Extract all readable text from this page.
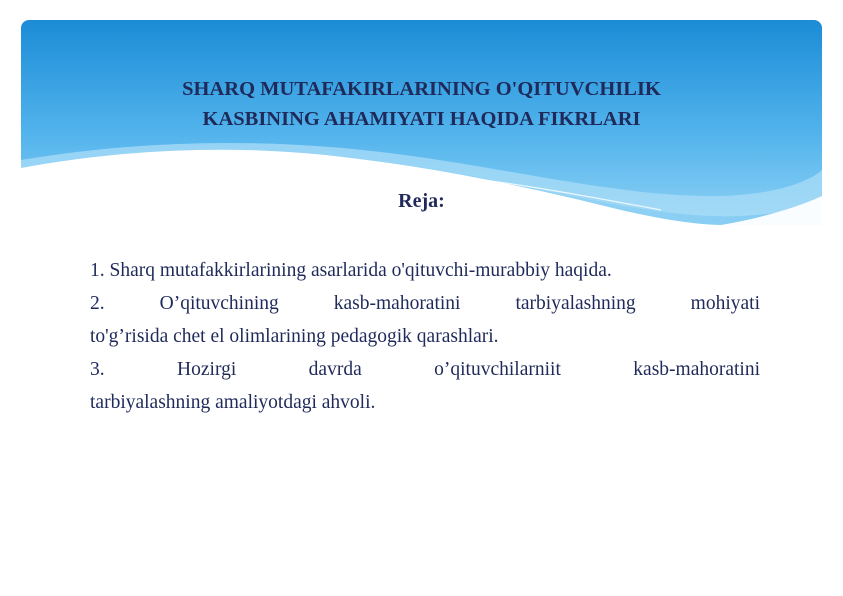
SHARQ MUTAFAKIRLARINING O'QITUVCHILIK
KASBINING AHAMIYATI HAQIDA FIKRLARI
Reja:

1. Sharq mutafakkirlarining asarlarida o'qituvchi-murabbiy haqida.

2. O’qituvchining kasb-mahoratini tarbiyalashning mohiyati
to'g’risida chet el olimlarining pedagogik qarashlari.

3. Hozirgi davrda o’qituvchilarniit kasb-mahoratini
tarbiyalashning amaliyotdagi ahvoli.
